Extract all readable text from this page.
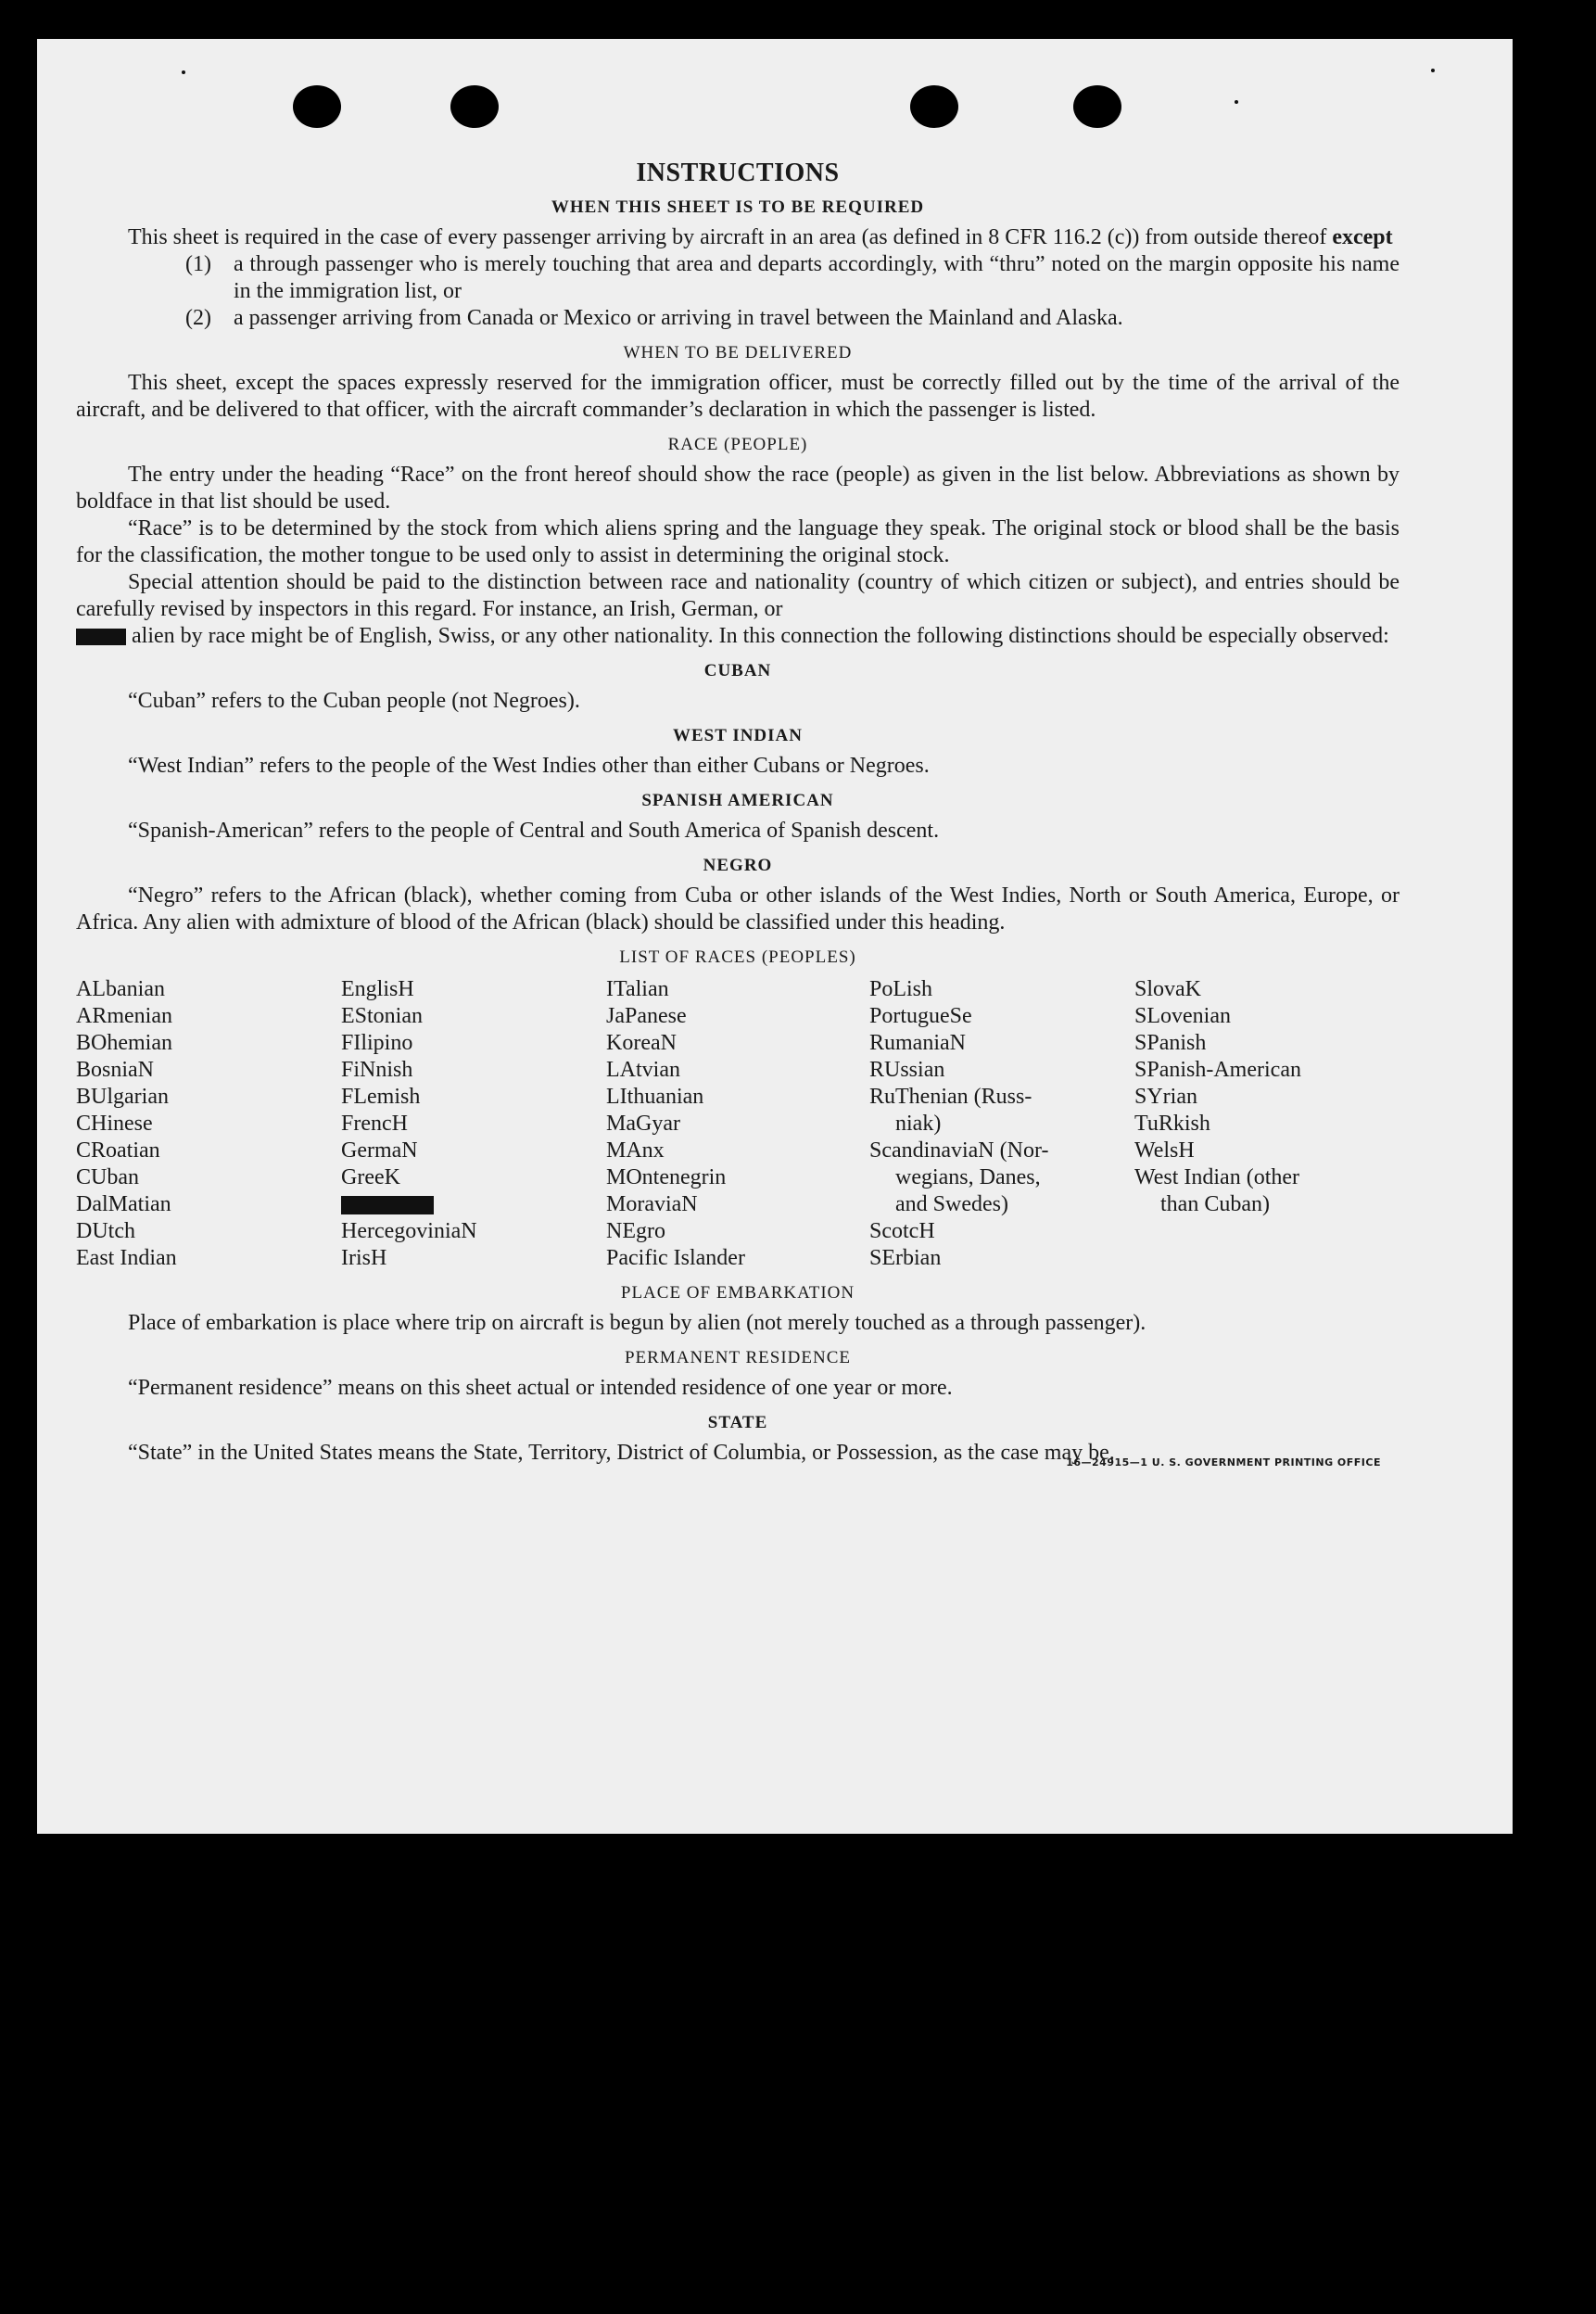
INSTRUCTIONS
WHEN THIS SHEET IS TO BE REQUIRED

This sheet is required in the case of every passenger arriving by aircraft in an area (as defined in 8 CFR 116.2 (c)) from outside thereof except

(1)	a through passenger who is merely touching that area and departs accordingly, with “thru” noted on the margin opposite his name in the immigration list, or
(2)	a passenger arriving from Canada or Mexico or arriving in travel between the Mainland and Alaska.
WHEN TO BE DELIVERED

This sheet, except the spaces expressly reserved for the immigration officer, must be correctly filled out by the time of the arrival of the aircraft, and be delivered to that officer, with the aircraft commander’s declaration in which the passenger is listed.

RACE (PEOPLE)

The entry under the heading “Race” on the front hereof should show the race (people) as given in the list below. Abbreviations as shown by boldface in that list should be used.

“Race” is to be determined by the stock from which aliens spring and the language they speak. The original stock or blood shall be the basis for the classification, the mother tongue to be used only to assist in determining the original stock.

Special attention should be paid to the distinction between race and nationality (country of which citizen or subject), and entries should be carefully revised by inspectors in this regard. For instance, an Irish, German, or
alien by race might be of English, Swiss, or any other nationality. In this connection the following distinctions should be especially observed:

CUBAN

“Cuban” refers to the Cuban people (not Negroes).

WEST INDIAN

“West Indian” refers to the people of the West Indies other than either Cubans or Negroes.

SPANISH AMERICAN

“Spanish-American” refers to the people of Central and South America of Spanish descent.

NEGRO

“Negro” refers to the African (black), whether coming from Cuba or other islands of the West Indies, North or South America, Europe, or Africa. Any alien with admixture of blood of the African (black) should be classified under this heading.

LIST OF RACES (PEOPLES)
ALbanian
ARmenian
BOhemian
BosniaN
BUlgarian
CHinese
CRoatian
CUban
DalMatian
DUtch
East Indian
EnglisH
EStonian
FIlipino
FiNnish
FLemish
FrencH
GermaN
GreeK
HercegoviniaN
IrisH
ITalian
JaPanese
KoreaN
LAtvian
LIthuanian
MaGyar
MAnx
MOntenegrin
MoraviaN
NEgro
Pacific Islander
PoLish
PortugueSe
RumaniaN
RUssian
RuThenian (Russ-
niak)
ScandinaviaN (Nor-
wegians, Danes,
and Swedes)
ScotcH
SErbian
SlovaK
SLovenian
SPanish
SPanish-American
SYrian
TuRkish
WelsH
West Indian (other
than Cuban)
PLACE OF EMBARKATION

Place of embarkation is place where trip on aircraft is begun by alien (not merely touched as a through passenger).

PERMANENT RESIDENCE

“Permanent residence” means on this sheet actual or intended residence of one year or more.

STATE

“State” in the United States means the State, Territory, District of Columbia, or Possession, as the case may be.

16—24915—1 U. S. GOVERNMENT PRINTING OFFICE
